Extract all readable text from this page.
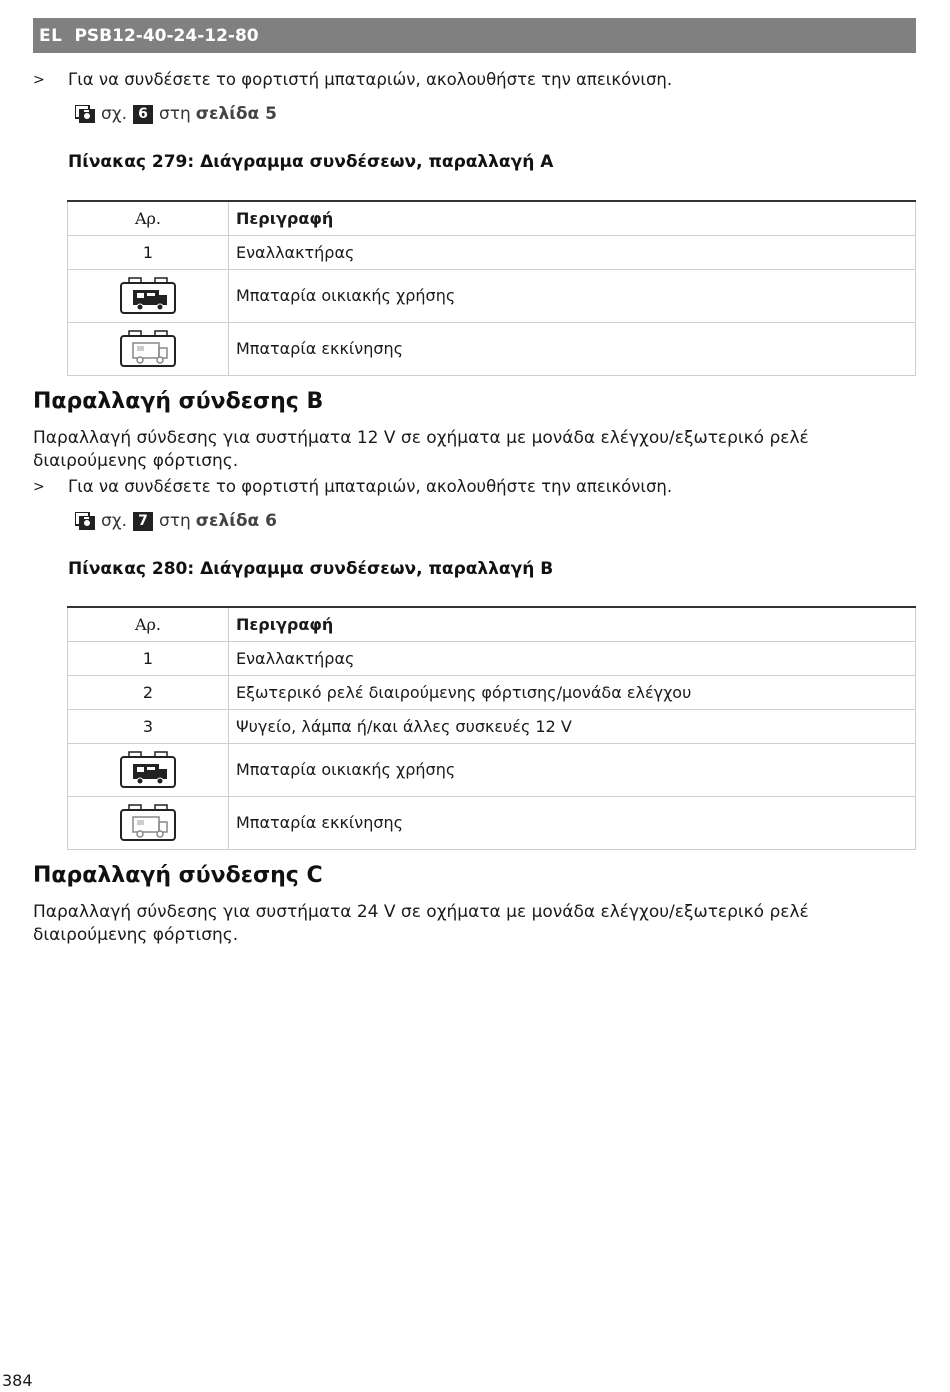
EL PSB12-40-24-12-80
>	Για να συνδέσετε το φορτιστή μπαταριών, ακολουθήστε την απεικόνιση.
σχ. 6 στη σελίδα 5
Πίνακας 279: Διάγραμμα συνδέσεων, παραλλαγή A
Αρ.	Περιγραφή
1	Εναλλακτήρας

	Μπαταρία οικιακής χρήσης

	Μπαταρία εκκίνησης
Παραλλαγή σύνδεσης B
Παραλλαγή σύνδεσης για συστήματα 12 V σε οχήματα με μονάδα ελέγχου/εξωτερικό ρελέ διαιρούμενης φόρτισης.
>	Για να συνδέσετε το φορτιστή μπαταριών, ακολουθήστε την απεικόνιση.
σχ. 7 στη σελίδα 6
Πίνακας 280: Διάγραμμα συνδέσεων, παραλλαγή B
Αρ.	Περιγραφή
1	Εναλλακτήρας
2	Εξωτερικό ρελέ διαιρούμενης φόρτισης/μονάδα ελέγχου
3	Ψυγείο, λάμπα ή/και άλλες συσκευές 12 V

	Μπαταρία οικιακής χρήσης

	Μπαταρία εκκίνησης
Παραλλαγή σύνδεσης C
Παραλλαγή σύνδεσης για συστήματα 24 V σε οχήματα με μονάδα ελέγχου/εξωτερικό ρελέ διαιρούμενης φόρτισης.
384
